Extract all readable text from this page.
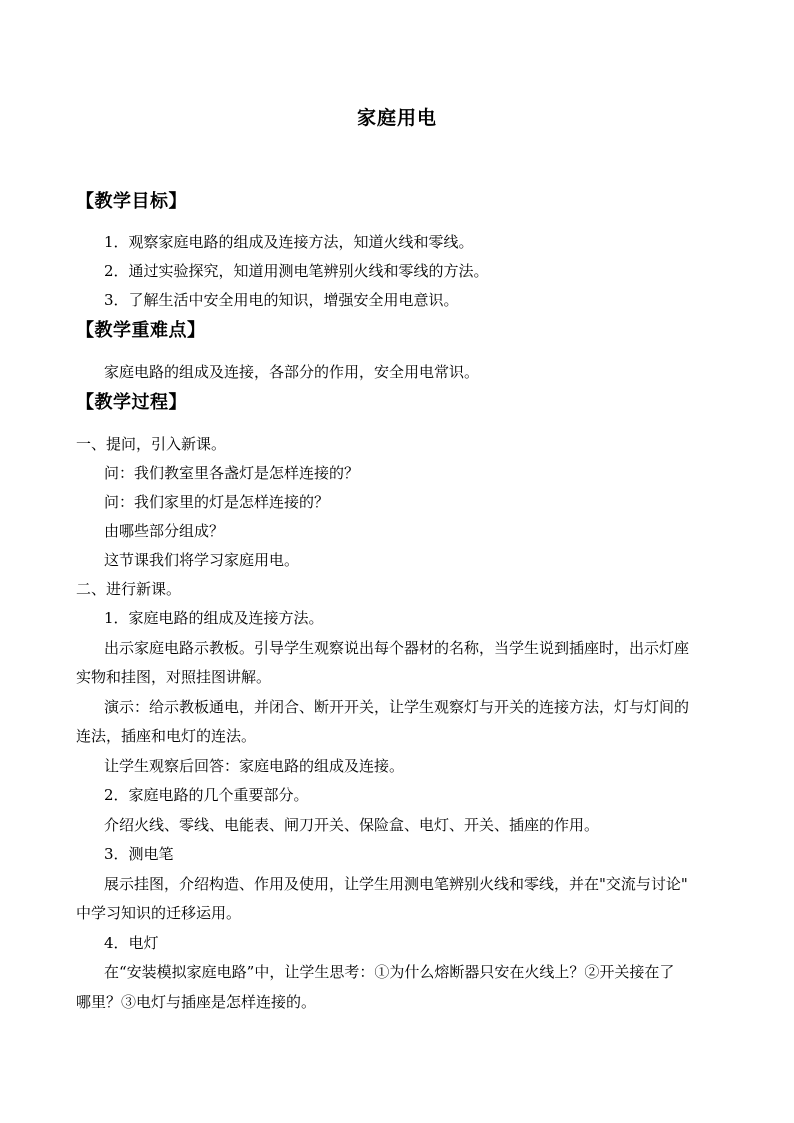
家庭用电
【教学目标】
1．观察家庭电路的组成及连接方法，知道火线和零线。
2．通过实验探究，知道用测电笔辨别火线和零线的方法。
3．了解生活中安全用电的知识，增强安全用电意识。
【教学重难点】
家庭电路的组成及连接，各部分的作用，安全用电常识。
【教学过程】
一、提问，引入新课。
问：我们教室里各盏灯是怎样连接的？
问：我们家里的灯是怎样连接的？
由哪些部分组成？
这节课我们将学习家庭用电。
二、进行新课。
1．家庭电路的组成及连接方法。
出示家庭电路示教板。引导学生观察说出每个器材的名称，当学生说到插座时，出示灯座
实物和挂图，对照挂图讲解。
演示：给示教板通电，并闭合、断开开关，让学生观察灯与开关的连接方法，灯与灯间的
连法，插座和电灯的连法。
让学生观察后回答：家庭电路的组成及连接。
2．家庭电路的几个重要部分。
介绍火线、零线、电能表、闸刀开关、保险盒、电灯、开关、插座的作用。
3．测电笔
展示挂图，介绍构造、作用及使用，让学生用测电笔辨别火线和零线，并在"交流与讨论"
中学习知识的迁移运用。
4．电灯
在“安装模拟家庭电路”中，让学生思考：①为什么熔断器只安在火线上？②开关接在了
哪里？③电灯与插座是怎样连接的。
